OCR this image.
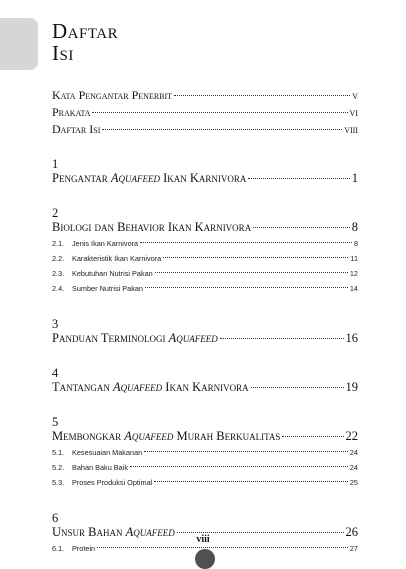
Daftar
Isi
Kata Pengantar Penerbit	v
Prakata	vi
Daftar Isi	viii
1
Pengantar Aquafeed Ikan Karnivora	1
2
Biologi dan Behavior Ikan Karnivora	8
2.1. Jenis Ikan Karnivora	8
2.2. Karakteristik Ikan Karnivora	11
2.3. Kebutuhan Nutrisi Pakan	12
2.4. Sumber Nutrisi Pakan	14
3
Panduan Terminologi Aquafeed	16
4
Tantangan Aquafeed Ikan Karnivora	19
5
Membongkar Aquafeed Murah Berkualitas	22
5.1. Kesesuaian Makanan	24
5.2. Bahan Baku Baik	24
5.3. Proses Produksi Optimal	25
6
Unsur Bahan Aquafeed	26
6.1. Protein	27
viii
